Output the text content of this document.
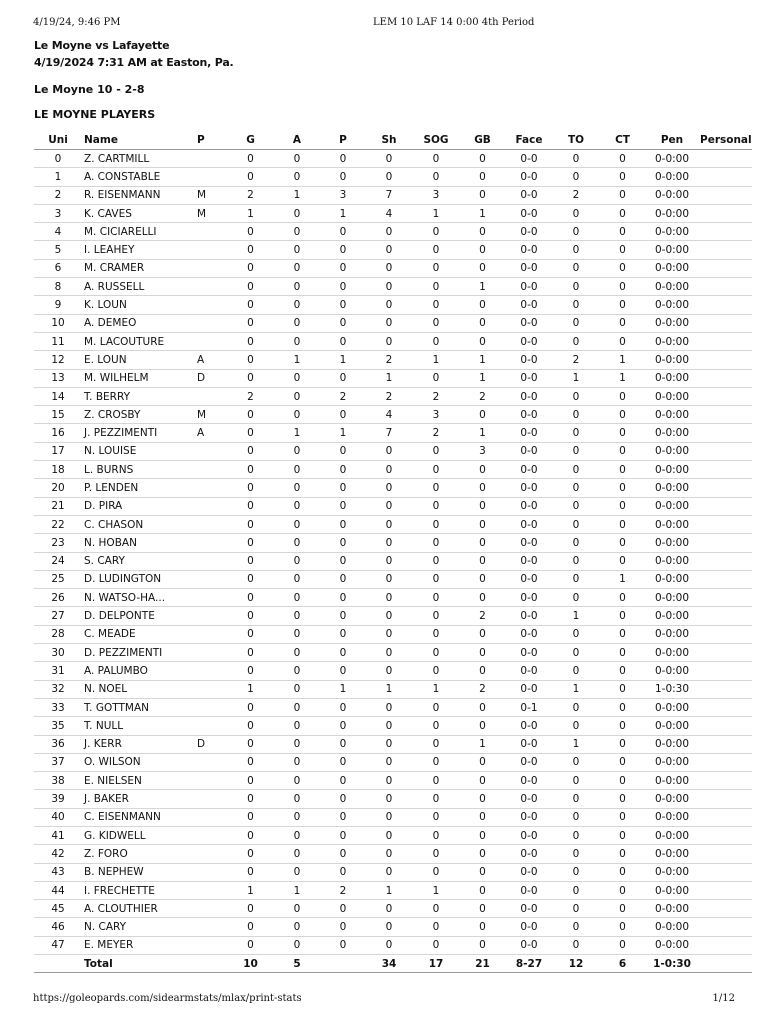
4/19/24, 9:46 PM	LEM 10 LAF 14 0:00 4th Period
Le Moyne vs Lafayette
4/19/2024 7:31 AM at Easton, Pa.
Le Moyne 10 - 2-8
LE MOYNE PLAYERS
Uni	Name	P	G	A	P	Sh	SOG	GB	Face	TO	CT	Pen	Personal
0	Z. CARTMILL		0	0	0	0	0	0	0-0	0	0	0-0:00	
1	A. CONSTABLE		0	0	0	0	0	0	0-0	0	0	0-0:00	
2	R. EISENMANN	M	2	1	3	7	3	0	0-0	2	0	0-0:00	
3	K. CAVES	M	1	0	1	4	1	1	0-0	0	0	0-0:00	
4	M. CICIARELLI		0	0	0	0	0	0	0-0	0	0	0-0:00	
5	I. LEAHEY		0	0	0	0	0	0	0-0	0	0	0-0:00	
6	M. CRAMER		0	0	0	0	0	0	0-0	0	0	0-0:00	
8	A. RUSSELL		0	0	0	0	0	1	0-0	0	0	0-0:00	
9	K. LOUN		0	0	0	0	0	0	0-0	0	0	0-0:00	
10	A. DEMEO		0	0	0	0	0	0	0-0	0	0	0-0:00	
11	M. LACOUTURE		0	0	0	0	0	0	0-0	0	0	0-0:00	
12	E. LOUN	A	0	1	1	2	1	1	0-0	2	1	0-0:00	
13	M. WILHELM	D	0	0	0	1	0	1	0-0	1	1	0-0:00	
14	T. BERRY		2	0	2	2	2	2	0-0	0	0	0-0:00	
15	Z. CROSBY	M	0	0	0	4	3	0	0-0	0	0	0-0:00	
16	J. PEZZIMENTI	A	0	1	1	7	2	1	0-0	0	0	0-0:00	
17	N. LOUISE		0	0	0	0	0	3	0-0	0	0	0-0:00	
18	L. BURNS		0	0	0	0	0	0	0-0	0	0	0-0:00	
20	P. LENDEN		0	0	0	0	0	0	0-0	0	0	0-0:00	
21	D. PIRA		0	0	0	0	0	0	0-0	0	0	0-0:00	
22	C. CHASON		0	0	0	0	0	0	0-0	0	0	0-0:00	
23	N. HOBAN		0	0	0	0	0	0	0-0	0	0	0-0:00	
24	S. CARY		0	0	0	0	0	0	0-0	0	0	0-0:00	
25	D. LUDINGTON		0	0	0	0	0	0	0-0	0	1	0-0:00	
26	N. WATSO-HA...		0	0	0	0	0	0	0-0	0	0	0-0:00	
27	D. DELPONTE		0	0	0	0	0	2	0-0	1	0	0-0:00	
28	C. MEADE		0	0	0	0	0	0	0-0	0	0	0-0:00	
30	D. PEZZIMENTI		0	0	0	0	0	0	0-0	0	0	0-0:00	
31	A. PALUMBO		0	0	0	0	0	0	0-0	0	0	0-0:00	
32	N. NOEL		1	0	1	1	1	2	0-0	1	0	1-0:30	
33	T. GOTTMAN		0	0	0	0	0	0	0-1	0	0	0-0:00	
35	T. NULL		0	0	0	0	0	0	0-0	0	0	0-0:00	
36	J. KERR	D	0	0	0	0	0	1	0-0	1	0	0-0:00	
37	O. WILSON		0	0	0	0	0	0	0-0	0	0	0-0:00	
38	E. NIELSEN		0	0	0	0	0	0	0-0	0	0	0-0:00	
39	J. BAKER		0	0	0	0	0	0	0-0	0	0	0-0:00	
40	C. EISENMANN		0	0	0	0	0	0	0-0	0	0	0-0:00	
41	G. KIDWELL		0	0	0	0	0	0	0-0	0	0	0-0:00	
42	Z. FORO		0	0	0	0	0	0	0-0	0	0	0-0:00	
43	B. NEPHEW		0	0	0	0	0	0	0-0	0	0	0-0:00	
44	I. FRECHETTE		1	1	2	1	1	0	0-0	0	0	0-0:00	
45	A. CLOUTHIER		0	0	0	0	0	0	0-0	0	0	0-0:00	
46	N. CARY		0	0	0	0	0	0	0-0	0	0	0-0:00	
47	E. MEYER		0	0	0	0	0	0	0-0	0	0	0-0:00	
	Total		10	5		34	17	21	8-27	12	6	1-0:30	
https://goleopards.com/sidearmstats/mlax/print-stats	1/12
